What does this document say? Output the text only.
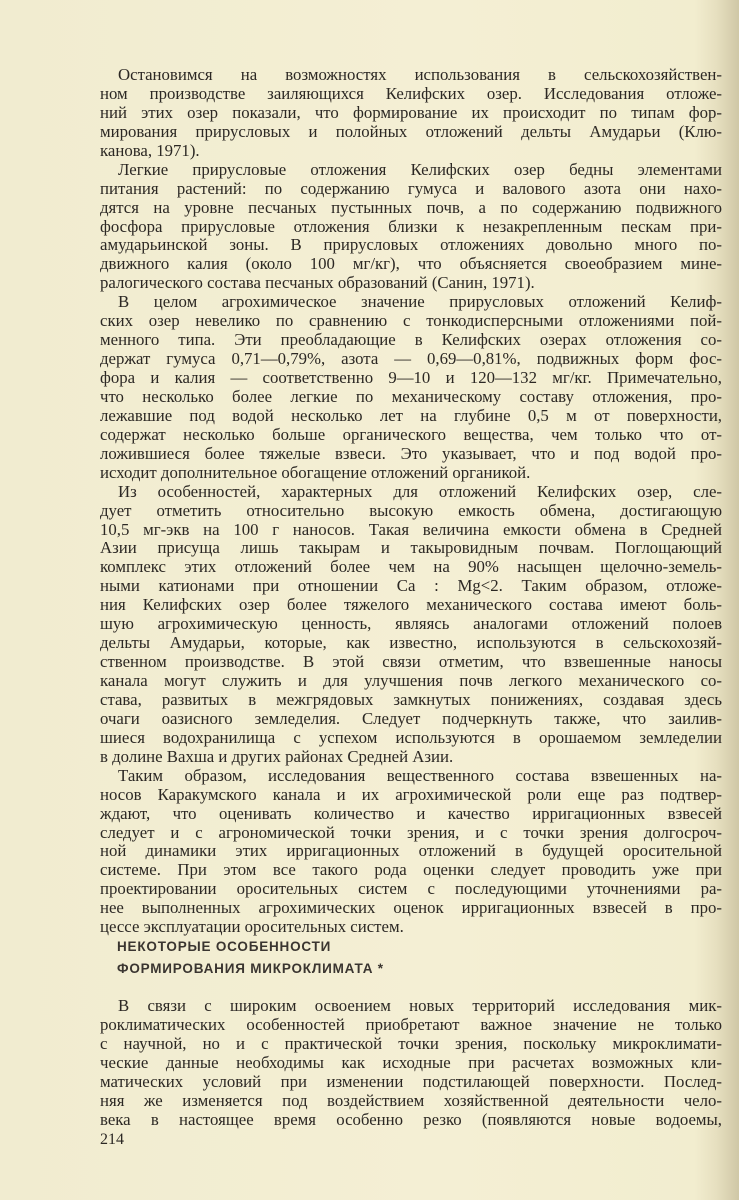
Остановимся на возможностях использования в сельскохозяйствен-
ном производстве заиляющихся Келифских озер. Исследования отложе-
ний этих озер показали, что формирование их происходит по типам фор-
мирования прирусловых и полойных отложений дельты Амударьи (Клю-
канова, 1971).
Легкие прирусловые отложения Келифских озер бедны элементами
питания растений: по содержанию гумуса и валового азота они нахо-
дятся на уровне песчаных пустынных почв, а по содержанию подвижного
фосфора прирусловые отложения близки к незакрепленным пескам при-
амударьинской зоны. В прирусловых отложениях довольно много по-
движного калия (около 100 мг/кг), что объясняется своеобразием мине-
ралогического состава песчаных образований (Санин, 1971).
В целом агрохимическое значение прирусловых отложений Келиф-
ских озер невелико по сравнению с тонкодисперсными отложениями пой-
менного типа. Эти преобладающие в Келифских озерах отложения со-
держат гумуса 0,71—0,79%, азота — 0,69—0,81%, подвижных форм фос-
фора и калия — соответственно 9—10 и 120—132 мг/кг. Примечательно,
что несколько более легкие по механическому составу отложения, про-
лежавшие под водой несколько лет на глубине 0,5 м от поверхности,
содержат несколько больше органического вещества, чем только что от-
ложившиеся более тяжелые взвеси. Это указывает, что и под водой про-
исходит дополнительное обогащение отложений органикой.
Из особенностей, характерных для отложений Келифских озер, сле-
дует отметить относительно высокую емкость обмена, достигающую
10,5 мг-экв на 100 г наносов. Такая величина емкости обмена в Средней
Азии присуща лишь такырам и такыровидным почвам. Поглощающий
комплекс этих отложений более чем на 90% насыщен щелочно-земель-
ными катионами при отношении Ca : Mg<2. Таким образом, отложе-
ния Келифских озер более тяжелого механического состава имеют боль-
шую агрохимическую ценность, являясь аналогами отложений полоев
дельты Амударьи, которые, как известно, используются в сельскохозяй-
ственном производстве. В этой связи отметим, что взвешенные наносы
канала могут служить и для улучшения почв легкого механического со-
става, развитых в межгрядовых замкнутых понижениях, создавая здесь
очаги оазисного земледелия. Следует подчеркнуть также, что заилив-
шиеся водохранилища с успехом используются в орошаемом земледелии
в долине Вахша и других районах Средней Азии.
Таким образом, исследования вещественного состава взвешенных на-
носов Каракумского канала и их агрохимической роли еще раз подтвер-
ждают, что оценивать количество и качество ирригационных взвесей
следует и с агрономической точки зрения, и с точки зрения долгосроч-
ной динамики этих ирригационных отложений в будущей оросительной
системе. При этом все такого рода оценки следует проводить уже при
проектировании оросительных систем с последующими уточнениями ра-
нее выполненных агрохимических оценок ирригационных взвесей в про-
цессе эксплуатации оросительных систем.
НЕКОТОРЫЕ ОСОБЕННОСТИ
ФОРМИРОВАНИЯ МИКРОКЛИМАТА *
В связи с широким освоением новых территорий исследования мик-
роклиматических особенностей приобретают важное значение не только
с научной, но и с практической точки зрения, поскольку микроклимати-
ческие данные необходимы как исходные при расчетах возможных кли-
матических условий при изменении подстилающей поверхности. Послед-
няя же изменяется под воздействием хозяйственной деятельности чело-
века в настоящее время особенно резко (появляются новые водоемы,
214
